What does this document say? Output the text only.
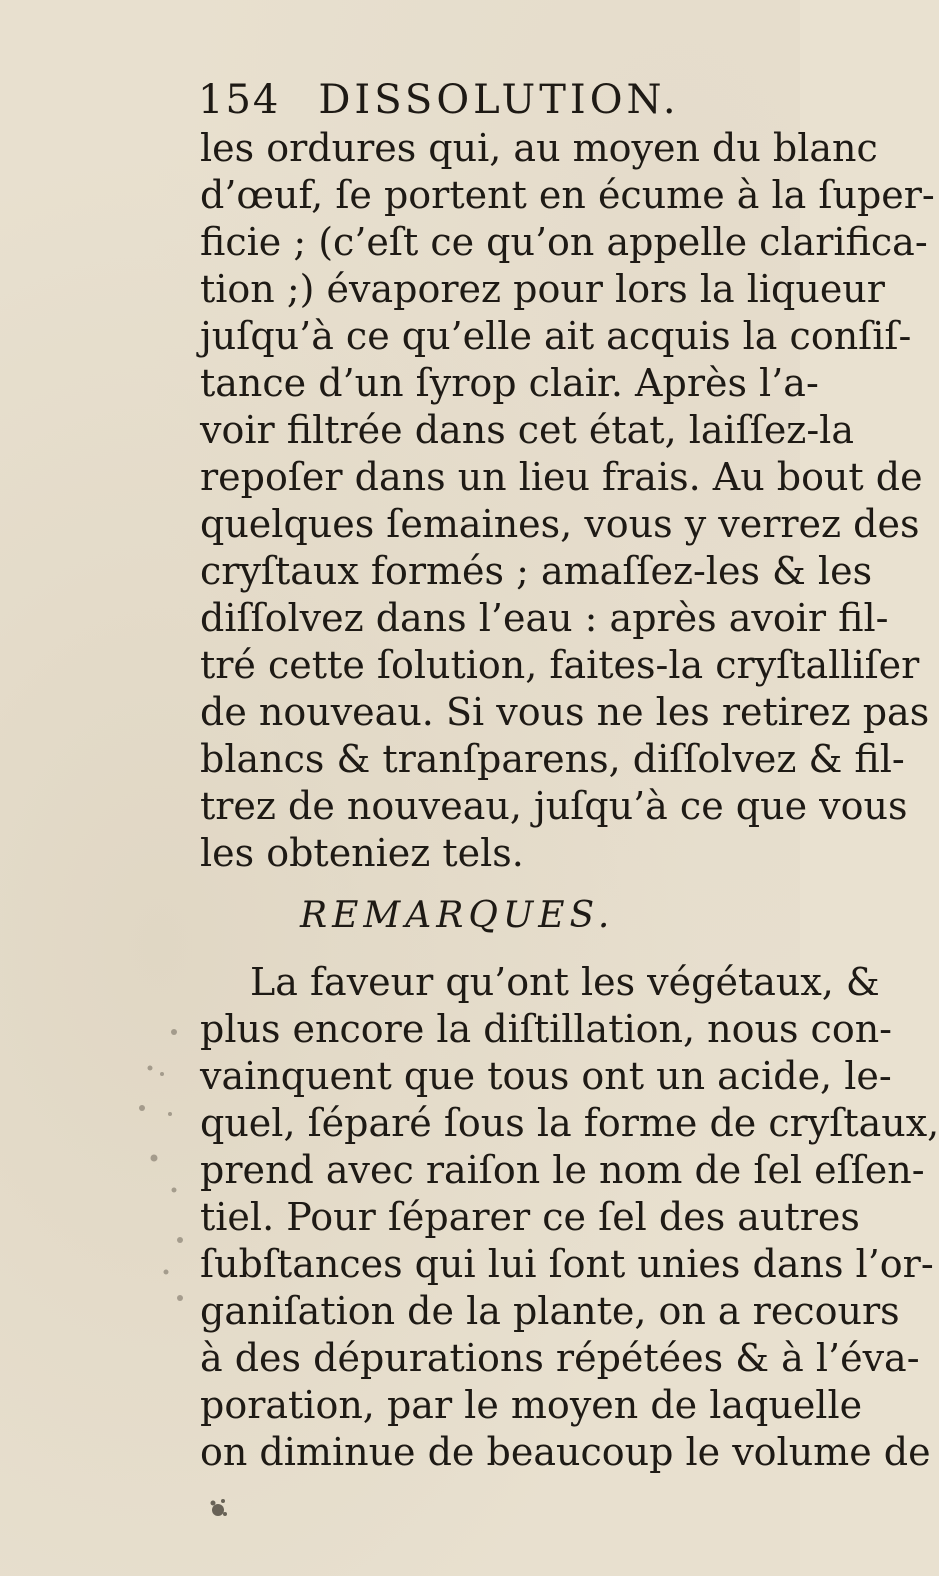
154 DISSOLUTION.
les ordures qui, au moyen du blanc
d’œuf, ſe portent en écume à la ſuper-
ficie ; (c’eſt ce qu’on appelle clarifica-
tion ;) évaporez pour lors la liqueur
juſqu’à ce qu’elle ait acquis la conſiſ-
tance d’un ſyrop clair. Après l’a-
voir filtrée dans cet état, laiſſez-la
repoſer dans un lieu frais. Au bout de
quelques ſemaines, vous y verrez des
cryſtaux formés ; amaſſez-les & les
diſſolvez dans l’eau : après avoir fil-
tré cette ſolution, faites-la cryſtalliſer
de nouveau. Si vous ne les retirez pas
blancs & tranſparens, diſſolvez & fil-
trez de nouveau, juſqu’à ce que vous
les obteniez tels.
REMARQUES.
La faveur qu’ont les végétaux, &
plus encore la diſtillation, nous con-
vainquent que tous ont un acide, le-
quel, ſéparé ſous la forme de cryſtaux,
prend avec raiſon le nom de ſel eſſen-
tiel. Pour ſéparer ce ſel des autres
ſubſtances qui lui ſont unies dans l’or-
ganiſation de la plante, on a recours
à des dépurations répétées & à l’éva-
poration, par le moyen de laquelle
on diminue de beaucoup le volume de
